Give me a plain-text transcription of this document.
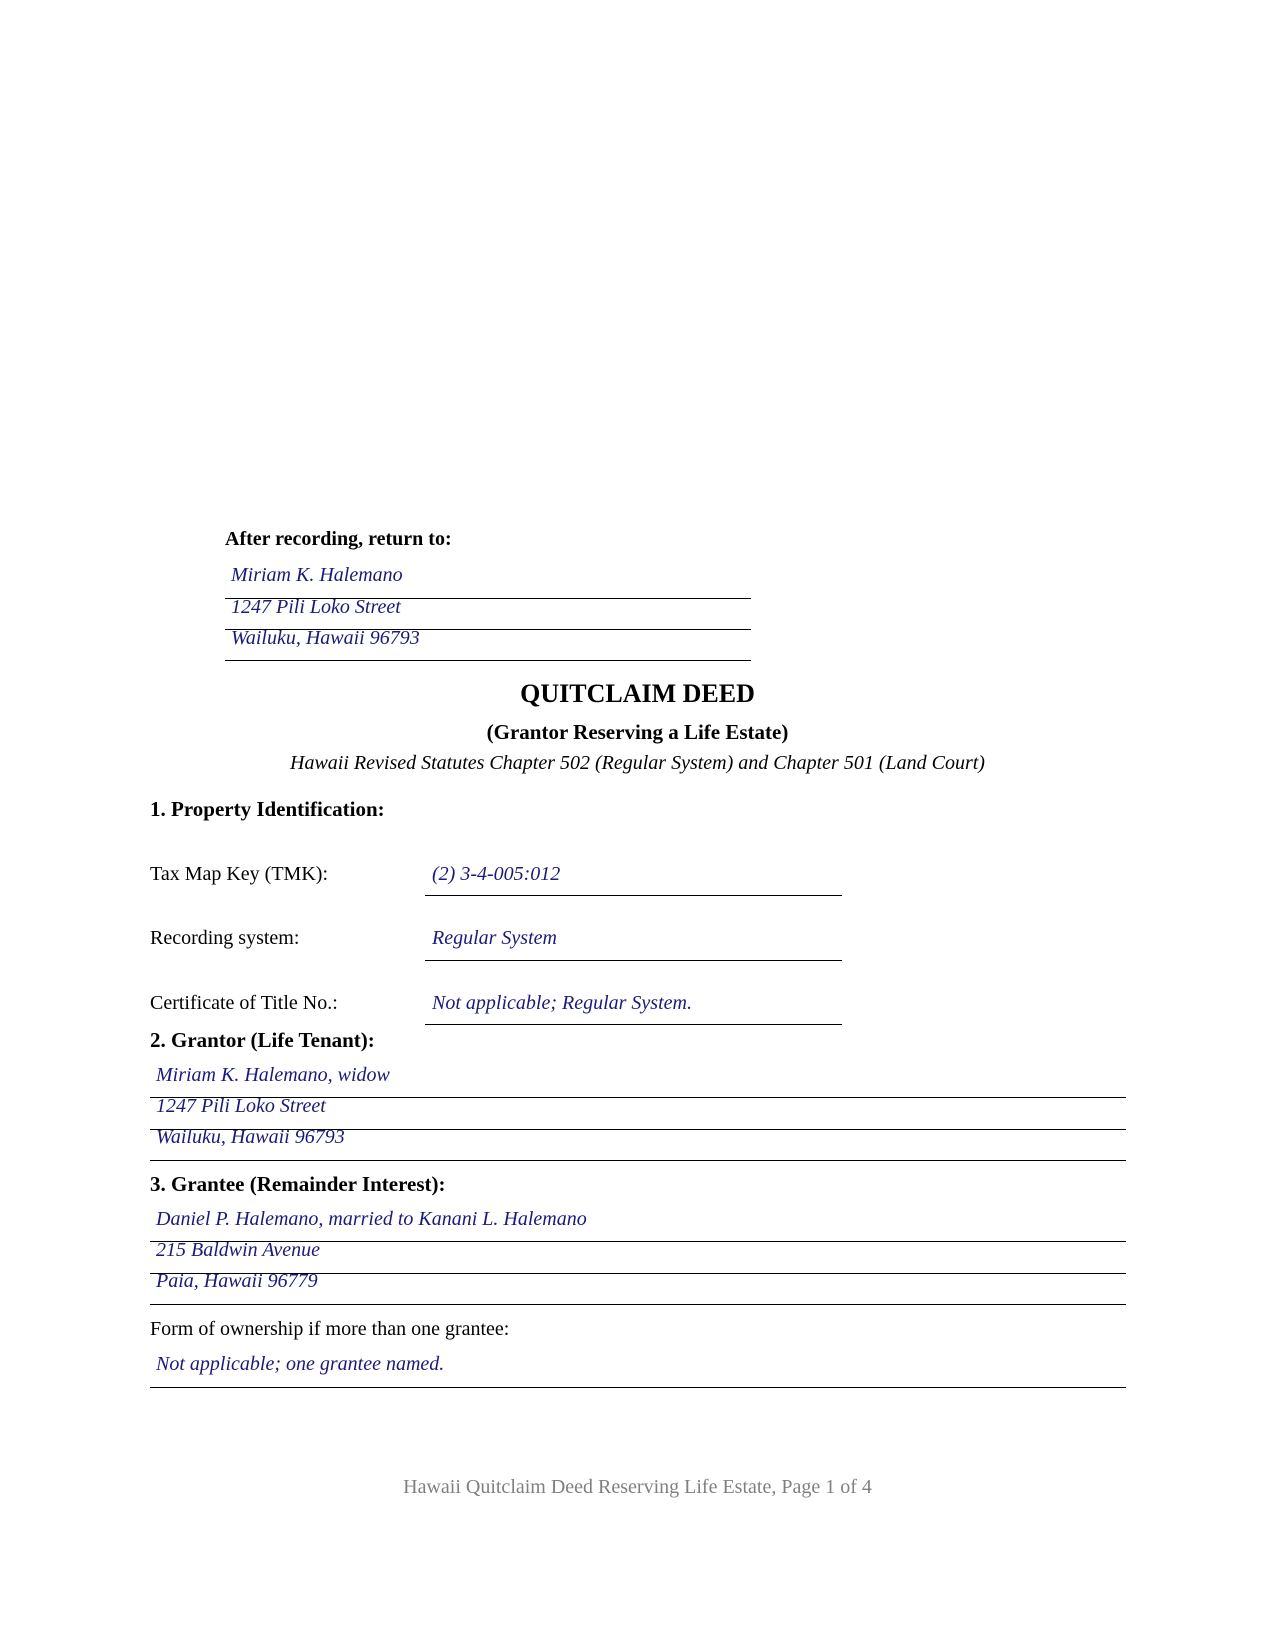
After recording, return to:
Miriam K. Halemano
1247 Pili Loko Street
Wailuku, Hawaii 96793
QUITCLAIM DEED
(Grantor Reserving a Life Estate)
Hawaii Revised Statutes Chapter 502 (Regular System) and Chapter 501 (Land Court)
1. Property Identification:
Tax Map Key (TMK):	(2) 3-4-005:012
Recording system:	Regular System
Certificate of Title No.:	Not applicable; Regular System.
2. Grantor (Life Tenant):
Miriam K. Halemano, widow
1247 Pili Loko Street
Wailuku, Hawaii 96793
3. Grantee (Remainder Interest):
Daniel P. Halemano, married to Kanani L. Halemano
215 Baldwin Avenue
Paia, Hawaii 96779
Form of ownership if more than one grantee:
Not applicable; one grantee named.
Hawaii Quitclaim Deed Reserving Life Estate, Page 1 of 4
